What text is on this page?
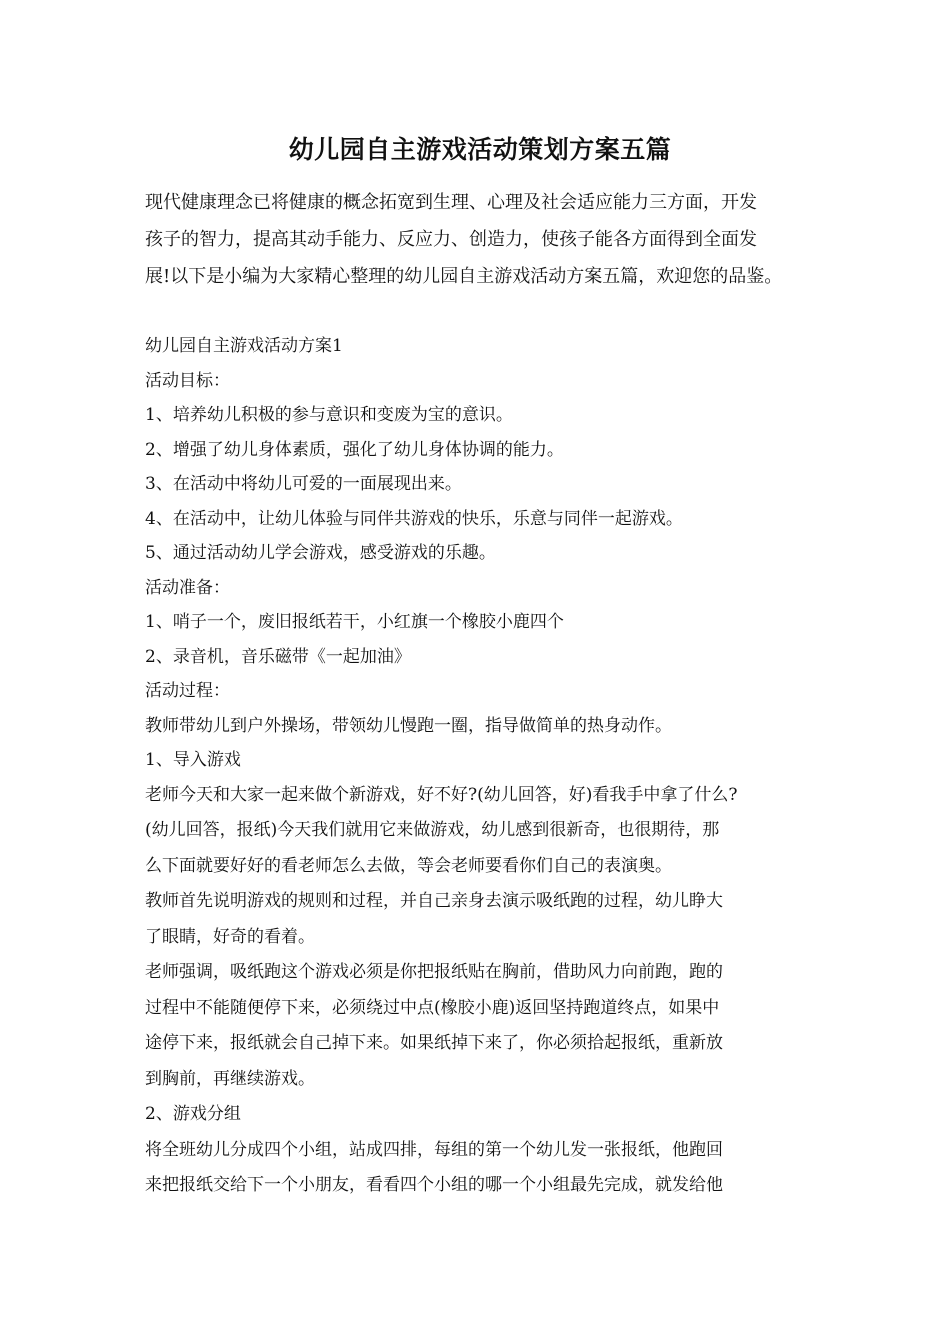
幼儿园自主游戏活动策划方案五篇

现代健康理念已将健康的概念拓宽到生理、心理及社会适应能力三方面，开发

孩子的智力，提高其动手能力、反应力、创造力，使孩子能各方面得到全面发

展!以下是小编为大家精心整理的幼儿园自主游戏活动方案五篇，欢迎您的品鉴。

幼儿园自主游戏活动方案1

活动目标：

1、培养幼儿积极的参与意识和变废为宝的意识。

2、增强了幼儿身体素质，强化了幼儿身体协调的能力。

3、在活动中将幼儿可爱的一面展现出来。

4、在活动中，让幼儿体验与同伴共游戏的快乐，乐意与同伴一起游戏。

5、通过活动幼儿学会游戏，感受游戏的乐趣。

活动准备：

1、哨子一个，废旧报纸若干，小红旗一个橡胶小鹿四个

2、录音机，音乐磁带《一起加油》

活动过程：

教师带幼儿到户外操场，带领幼儿慢跑一圈，指导做简单的热身动作。

1、导入游戏

老师今天和大家一起来做个新游戏，好不好?(幼儿回答，好)看我手中拿了什么?

(幼儿回答，报纸)今天我们就用它来做游戏，幼儿感到很新奇，也很期待，那

么下面就要好好的看老师怎么去做，等会老师要看你们自己的表演奥。

教师首先说明游戏的规则和过程，并自己亲身去演示吸纸跑的过程，幼儿睁大

了眼睛，好奇的看着。

老师强调，吸纸跑这个游戏必须是你把报纸贴在胸前，借助风力向前跑，跑的

过程中不能随便停下来，必须绕过中点(橡胶小鹿)返回坚持跑道终点，如果中

途停下来，报纸就会自己掉下来。如果纸掉下来了，你必须拾起报纸，重新放

到胸前，再继续游戏。

2、游戏分组

将全班幼儿分成四个小组，站成四排，每组的第一个幼儿发一张报纸，他跑回

来把报纸交给下一个小朋友，看看四个小组的哪一个小组最先完成，就发给他
